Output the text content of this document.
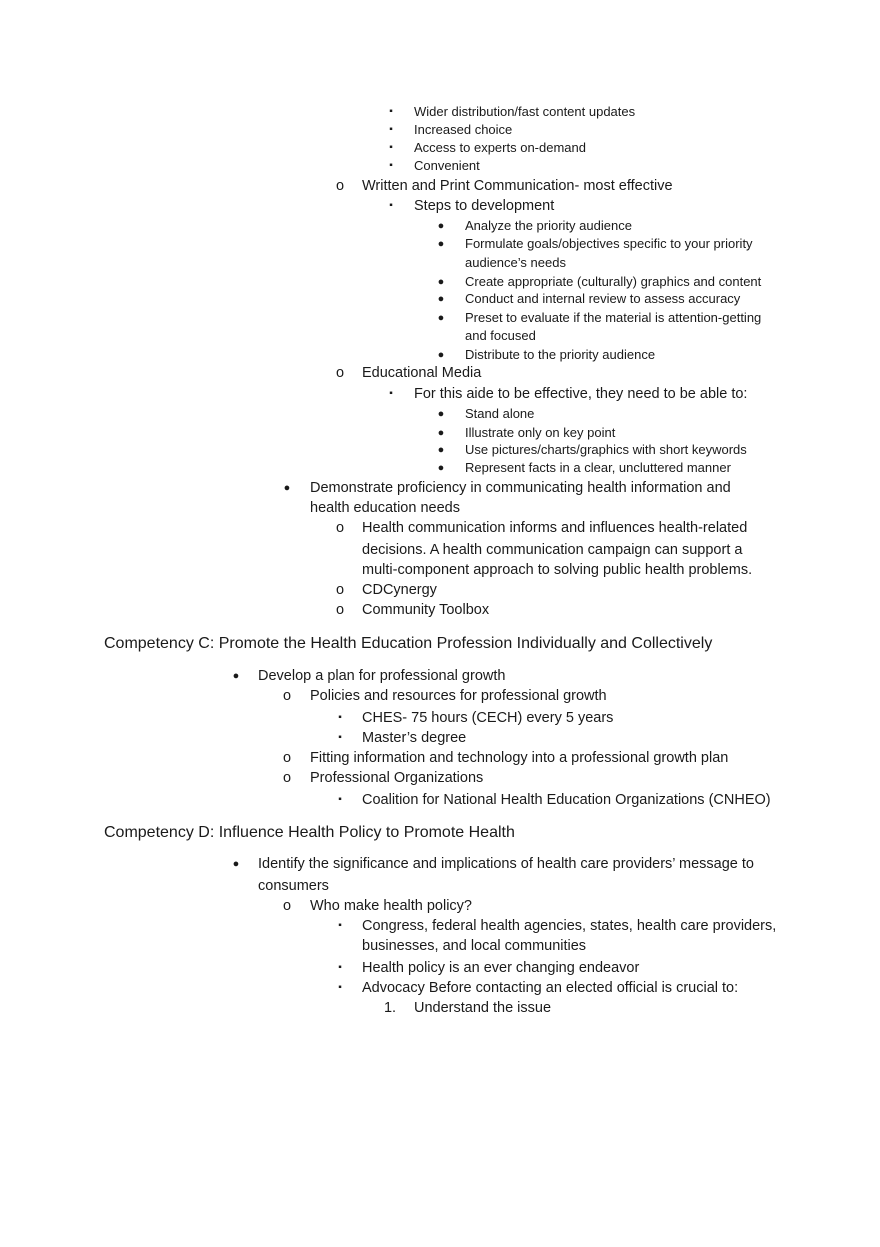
▪	Wider distribution/fast content updates
▪	Increased choice
▪	Access to experts on-demand
▪	Convenient
o Written and Print Communication- most effective
▪	Steps to development
● Analyze the priority audience
● Formulate goals/objectives specific to your priority
audience’s needs
● Create appropriate (culturally) graphics and content
● Conduct and internal review to assess accuracy
● Preset to evaluate if the material is attention-getting
and focused
● Distribute to the priority audience
o Educational Media
▪	For this aide to be effective, they need to be able to:
● Stand alone
● Illustrate only on key point
● Use pictures/charts/graphics with short keywords
● Represent facts in a clear, uncluttered manner
● Demonstrate proficiency in communicating health information and
health education needs
o Health communication informs and influences health-related
decisions. A health communication campaign can support a
multi-component approach to solving public health problems.
o CDCynergy
o Community Toolbox
Competency C: Promote the Health Education Profession Individually and Collectively
● Develop a plan for professional growth
o Policies and resources for professional growth
▪	CHES- 75 hours (CECH) every 5 years
▪	Master’s degree
o Fitting information and technology into a professional growth plan
o Professional Organizations
▪	Coalition for National Health Education Organizations (CNHEO)
Competency D: Influence Health Policy to Promote Health
● Identify the significance and implications of health care providers’ message to
consumers
o Who make health policy?
▪	Congress, federal health agencies, states, health care providers,
businesses, and local communities
▪	Health policy is an ever changing endeavor
▪	Advocacy Before contacting an elected official is crucial to:
1. Understand the issue
